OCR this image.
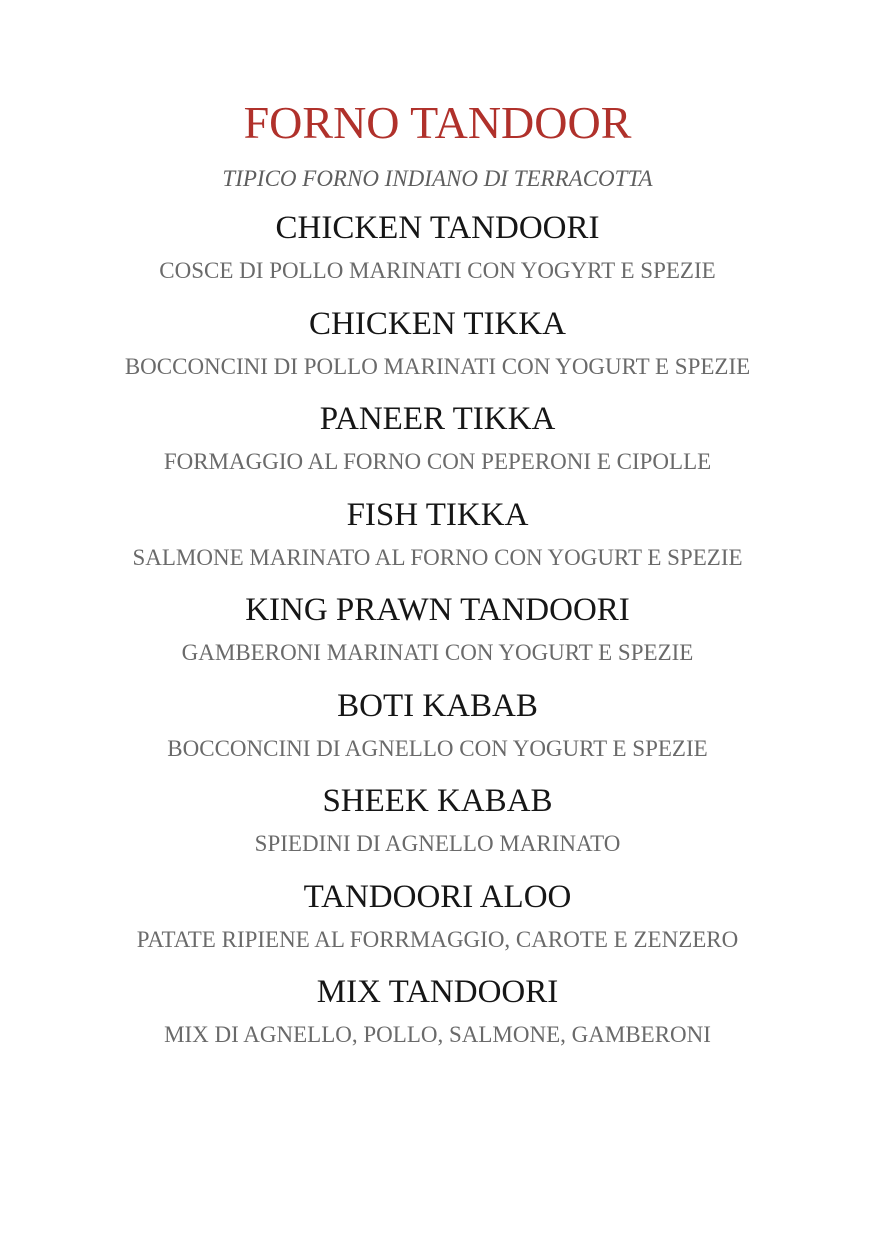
FORNO TANDOOR
TIPICO FORNO INDIANO DI TERRACOTTA
CHICKEN TANDOORI
COSCE DI POLLO MARINATI CON YOGYRT E SPEZIE
CHICKEN TIKKA
BOCCONCINI DI POLLO MARINATI CON YOGURT E SPEZIE
PANEER TIKKA
FORMAGGIO AL FORNO CON PEPERONI E CIPOLLE
FISH TIKKA
SALMONE MARINATO AL FORNO CON YOGURT E SPEZIE
KING PRAWN TANDOORI
GAMBERONI MARINATI CON YOGURT E SPEZIE
BOTI KABAB
BOCCONCINI DI AGNELLO CON YOGURT E SPEZIE
SHEEK KABAB
SPIEDINI DI AGNELLO MARINATO
TANDOORI ALOO
PATATE RIPIENE AL FORRMAGGIO, CAROTE E ZENZERO
MIX TANDOORI
MIX DI AGNELLO, POLLO, SALMONE, GAMBERONI
